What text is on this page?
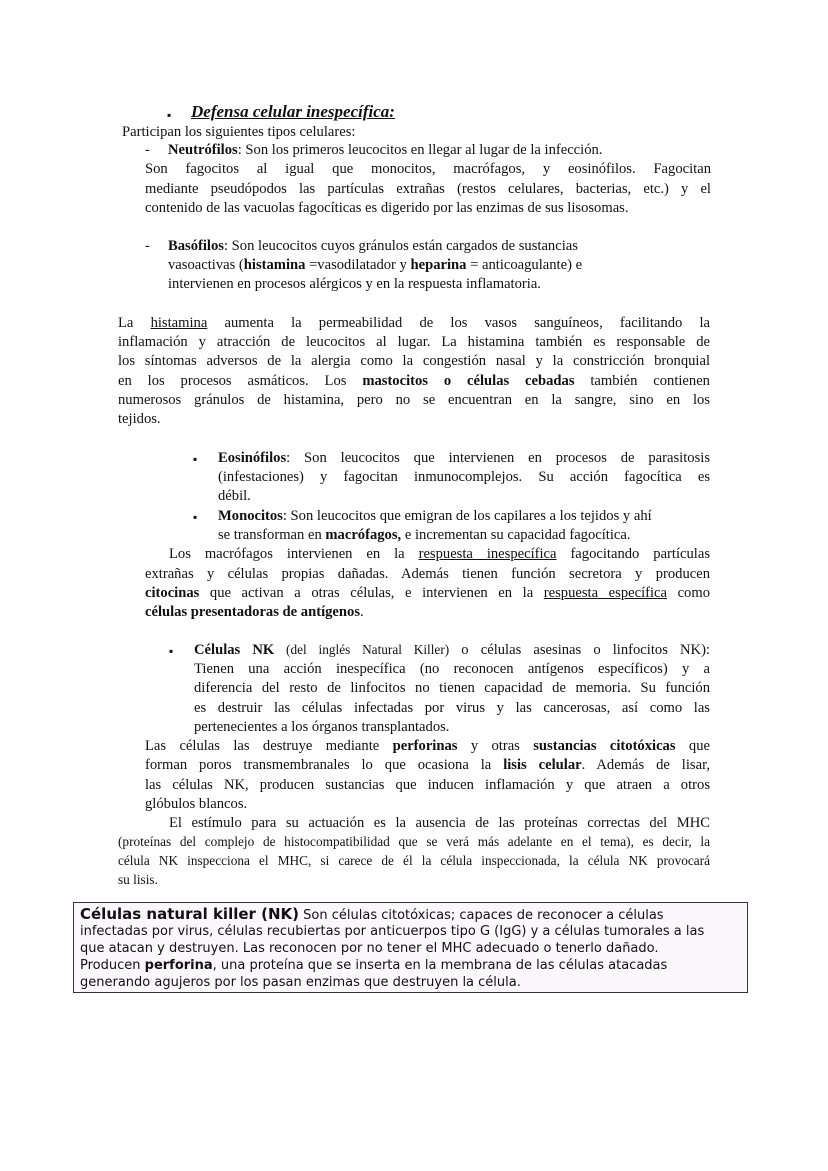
▪ Defensa celular inespecífica:
Participan los siguientes tipos celulares:
- Neutrófilos: Son los primeros leucocitos en llegar al lugar de la infección.
Son fagocitos al igual que monocitos, macrófagos, y eosinófilos. Fagocitan
mediante pseudópodos las partículas extrañas (restos celulares, bacterias, etc.) y el
contenido de las vacuolas fagocíticas es digerido por las enzimas de sus lisosomas.
- Basófilos: Son leucocitos cuyos gránulos están cargados de sustancias
vasoactivas (histamina =vasodilatador y heparina = anticoagulante) e
intervienen en procesos alérgicos y en la respuesta inflamatoria.
La histamina aumenta la permeabilidad de los vasos sanguíneos, facilitando la
inflamación y atracción de leucocitos al lugar. La histamina también es responsable de
los síntomas adversos de la alergia como la congestión nasal y la constricción bronquial
en los procesos asmáticos. Los mastocitos o células cebadas también contienen
numerosos gránulos de histamina, pero no se encuentran en la sangre, sino en los
tejidos.
▪ Eosinófilos: Son leucocitos que intervienen en procesos de parasitosis
(infestaciones) y fagocitan inmunocomplejos. Su acción fagocítica es
débil.
▪ Monocitos: Son leucocitos que emigran de los capilares a los tejidos y ahí
se transforman en macrófagos, e incrementan su capacidad fagocítica.
Los macrófagos intervienen en la respuesta inespecífica fagocitando partículas
extrañas y células propias dañadas. Además tienen función secretora y producen
citocinas que activan a otras células, e intervienen en la respuesta específica como
células presentadoras de antígenos.
▪ Células NK (del inglés Natural Killer) o células asesinas o linfocitos NK):
Tienen una acción inespecífica (no reconocen antígenos específicos) y a
diferencia del resto de linfocitos no tienen capacidad de memoria. Su función
es destruir las células infectadas por virus y las cancerosas, así como las
pertenecientes a los órganos transplantados.
Las células las destruye mediante perforinas y otras sustancias citotóxicas que
forman poros transmembranales lo que ocasiona la lisis celular. Además de lisar,
las células NK, producen sustancias que inducen inflamación y que atraen a otros
glóbulos blancos.
El estímulo para su actuación es la ausencia de las proteínas correctas del MHC
(proteínas del complejo de histocompatibilidad que se verá más adelante en el tema), es decir, la
célula NK inspecciona el MHC, si carece de él la célula inspeccionada, la célula NK provocará
su lisis.
Células natural killer (NK) Son células citotóxicas; capaces de reconocer a células
infectadas por virus, células recubiertas por anticuerpos tipo G (IgG) y a células tumorales a las
que atacan y destruyen. Las reconocen por no tener el MHC adecuado o tenerlo dañado.
Producen perforina, una proteína que se inserta en la membrana de las células atacadas
generando agujeros por los pasan enzimas que destruyen la célula.
